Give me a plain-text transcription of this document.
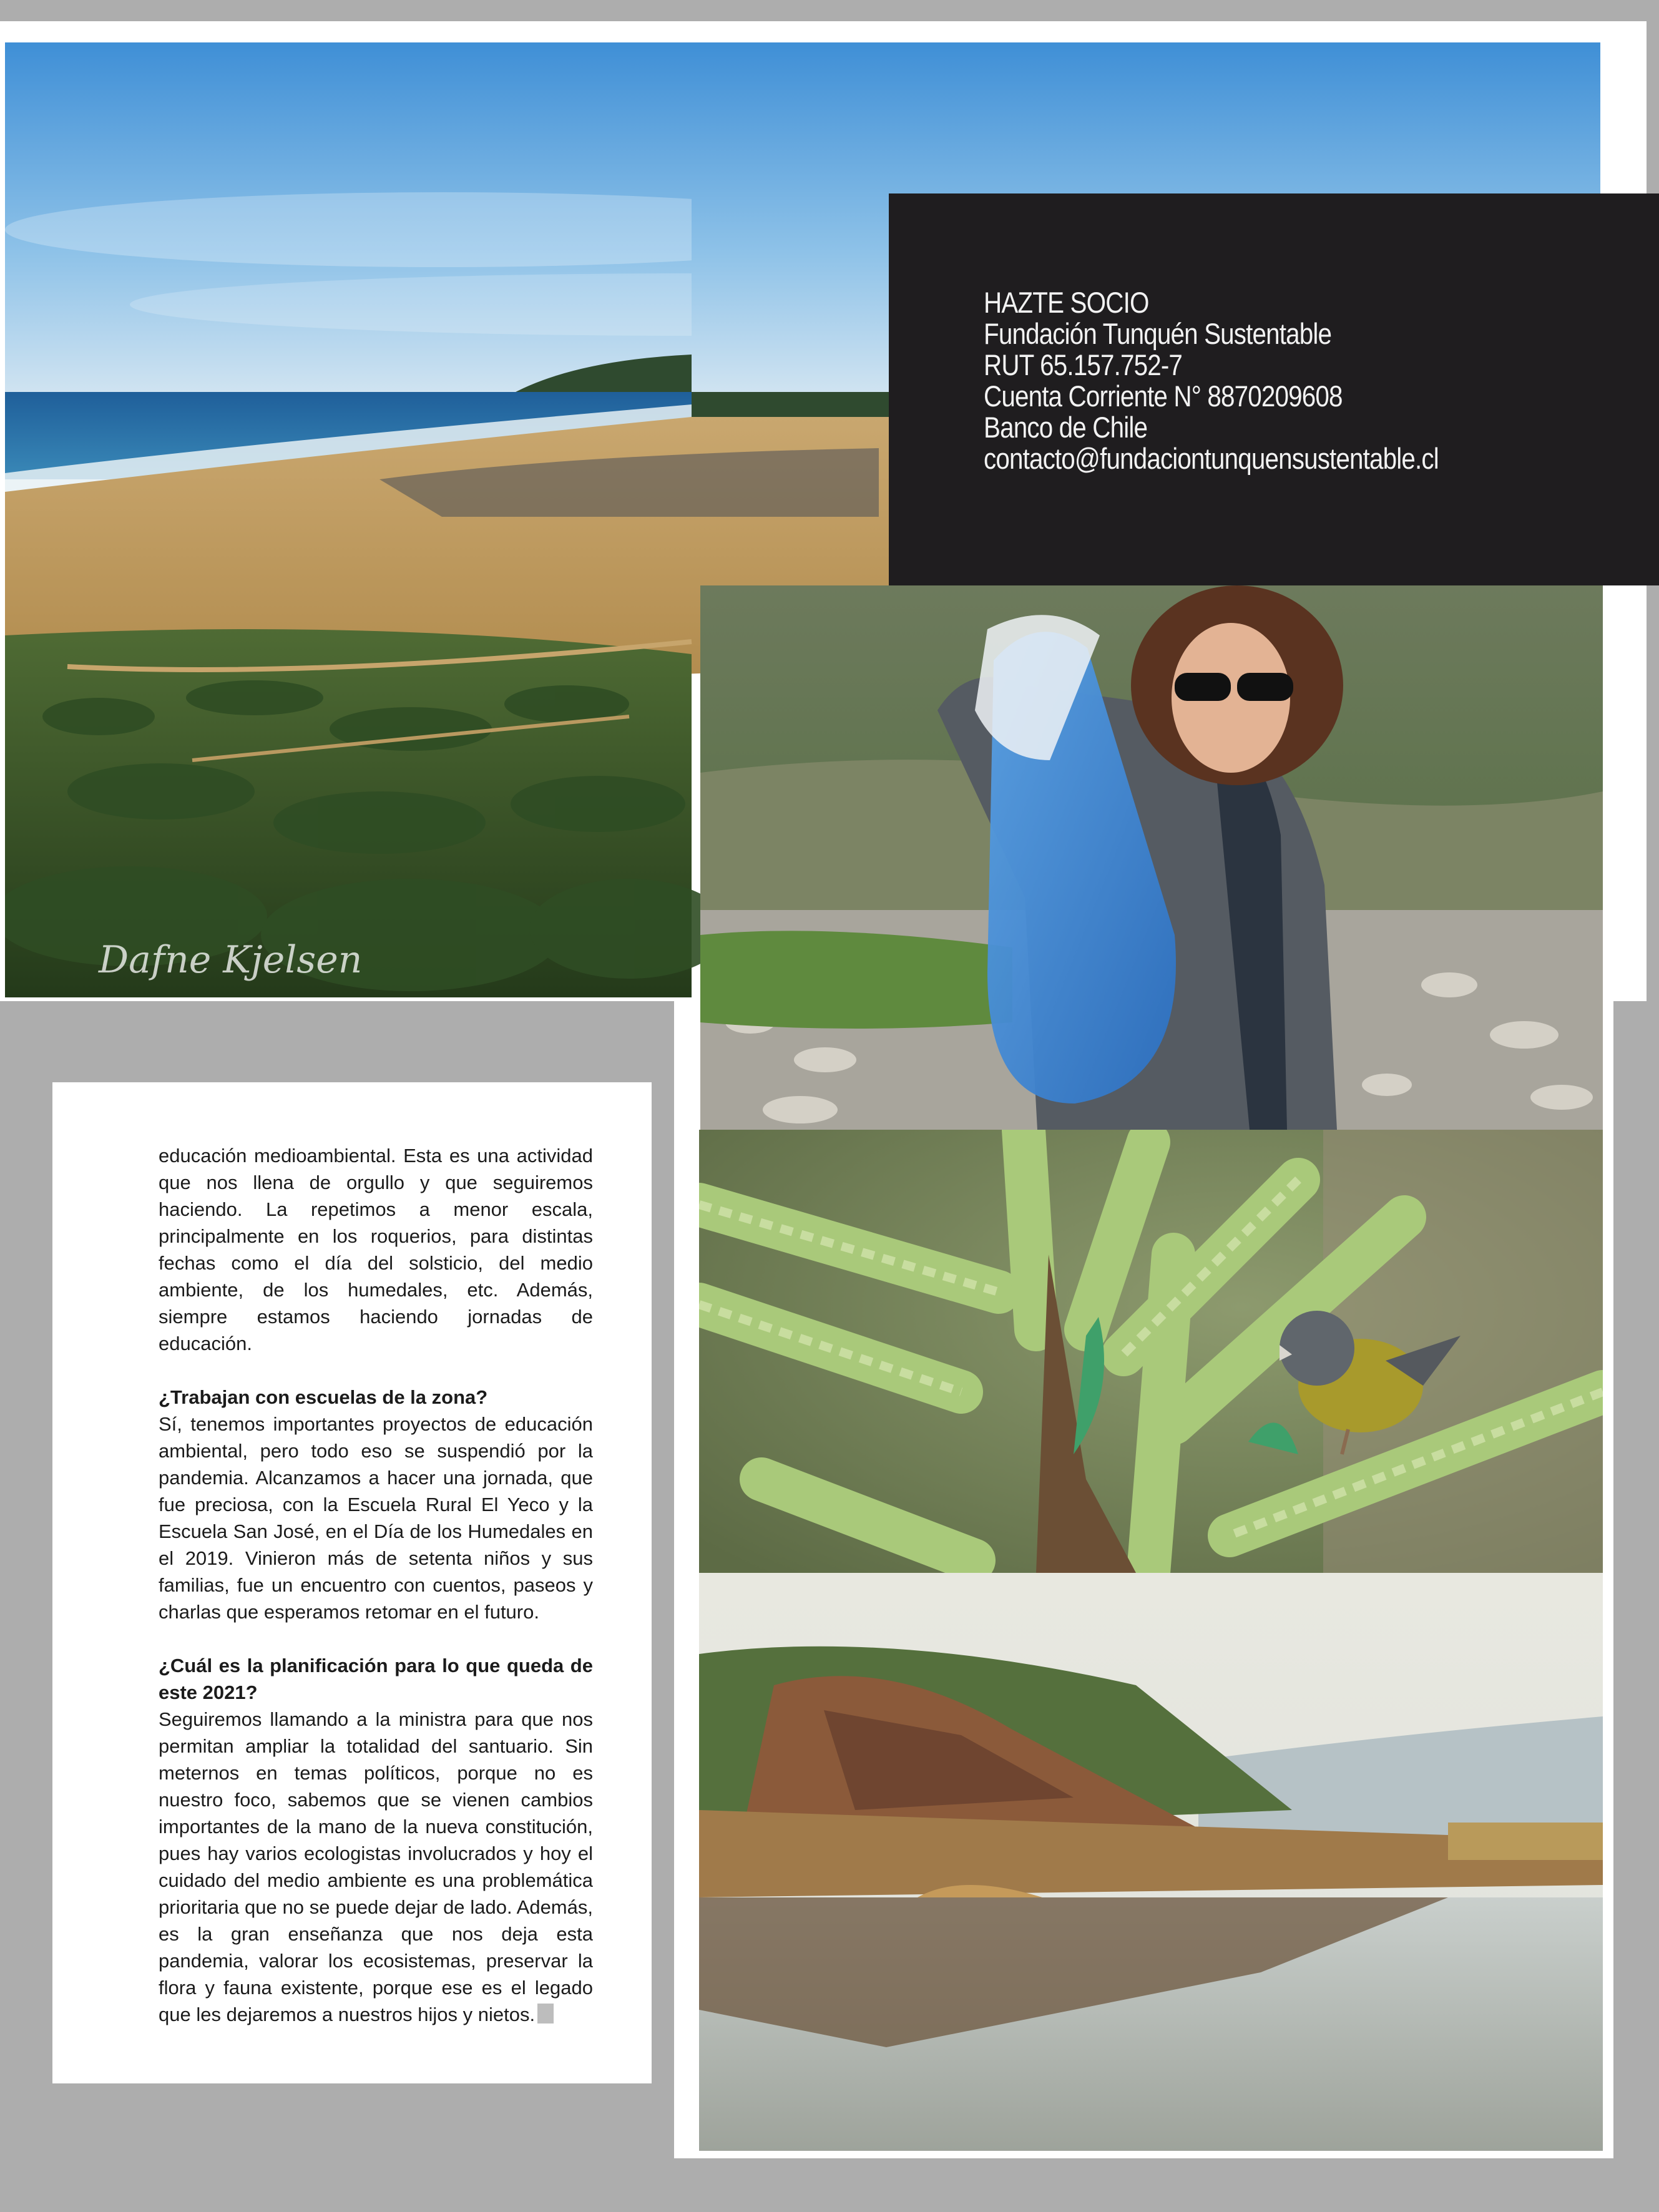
Dafne Kjelsen
HAZTE SOCIO
Fundación Tunquén Sustentable
RUT 65.157.752-7
Cuenta Corriente N° 8870209608
Banco de Chile
contacto@fundaciontunquensustentable.cl

educación medioambiental. Esta es una actividad que nos llena de orgullo y que seguiremos haciendo. La repetimos a menor escala, principalmente en los roquerios, para distintas fechas como el día del solsticio, del medio ambiente, de los humedales, etc. Además, siempre estamos haciendo jornadas de educación.

¿Trabajan con escuelas de la zona?
Sí, tenemos importantes proyectos de educación ambiental, pero todo eso se suspendió por la pandemia. Alcanzamos a hacer una jornada, que fue preciosa, con la Escuela Rural El Yeco y la Escuela San José, en el Día de los Humedales en el 2019. Vinieron más de setenta niños y sus familias, fue un encuentro con cuentos, paseos y charlas que esperamos retomar en el futuro.

¿Cuál es la planificación para lo que queda de este 2021?
Seguiremos llamando a la ministra para que nos permitan ampliar la totalidad del santuario. Sin meternos en temas políticos, porque no es nuestro foco, sabemos que se vienen cambios importantes de la mano de la nueva constitución, pues hay varios ecologistas involucrados y hoy el cuidado del medio ambiente es una problemática prioritaria que no se puede dejar de lado. Además, es la gran enseñanza que nos deja esta pandemia, valorar los ecosistemas, preservar la flora y fauna existente, porque ese es el legado que les dejaremos a nuestros hijos y nietos.
